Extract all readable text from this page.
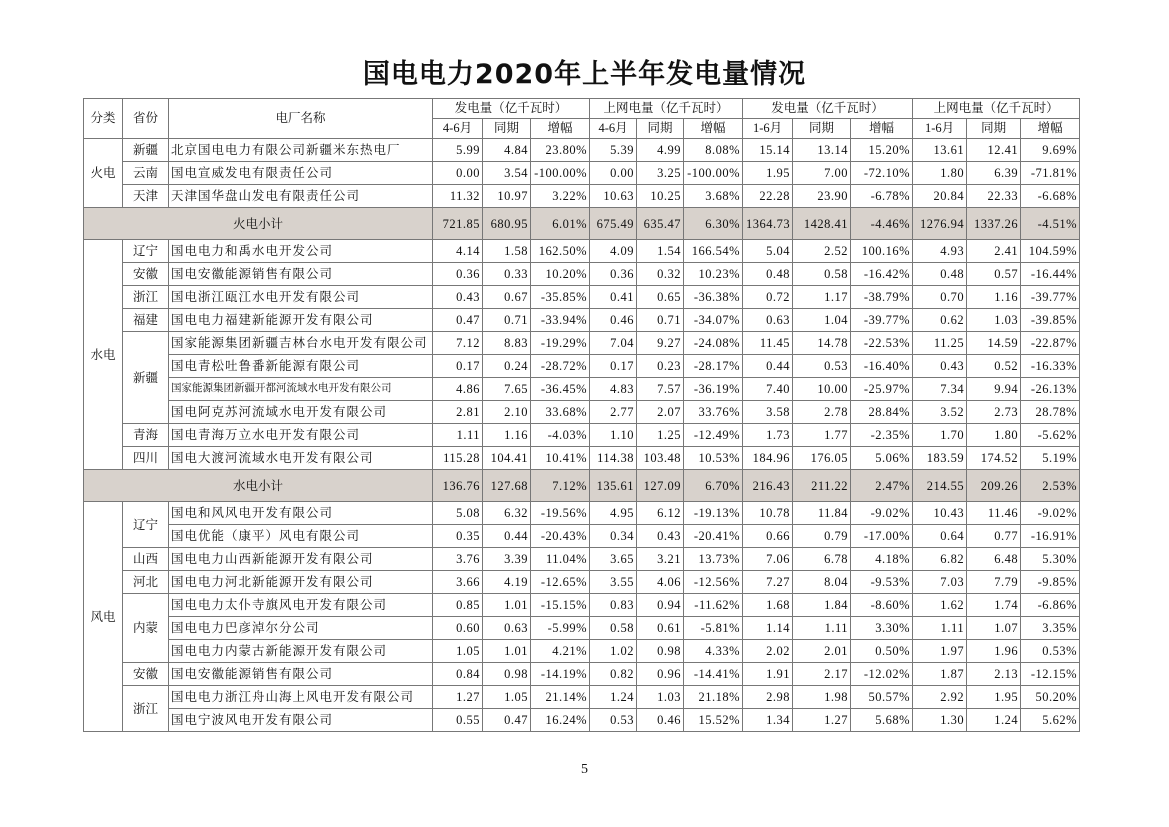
国电电力2020年上半年发电量情况
分类	省份	电厂名称	发电量（亿千瓦时）			上网电量（亿千瓦时）			发电量（亿千瓦时）			上网电量（亿千瓦时）		
			4-6月	同期	增幅	4-6月	同期	增幅	1-6月	同期	增幅	1-6月	同期	增幅
火电	新疆	北京国电电力有限公司新疆米东热电厂	5.99	4.84	23.80%	5.39	4.99	8.08%	15.14	13.14	15.20%	13.61	12.41	9.69%
	云南	国电宣威发电有限责任公司	0.00	3.54	-100.00%	0.00	3.25	-100.00%	1.95	7.00	-72.10%	1.80	6.39	-71.81%
	天津	天津国华盘山发电有限责任公司	11.32	10.97	3.22%	10.63	10.25	3.68%	22.28	23.90	-6.78%	20.84	22.33	-6.68%
火电小计			721.85	680.95	6.01%	675.49	635.47	6.30%	1364.73	1428.41	-4.46%	1276.94	1337.26	-4.51%
水电	辽宁	国电电力和禹水电开发公司	4.14	1.58	162.50%	4.09	1.54	166.54%	5.04	2.52	100.16%	4.93	2.41	104.59%
	安徽	国电安徽能源销售有限公司	0.36	0.33	10.20%	0.36	0.32	10.23%	0.48	0.58	-16.42%	0.48	0.57	-16.44%
	浙江	国电浙江瓯江水电开发有限公司	0.43	0.67	-35.85%	0.41	0.65	-36.38%	0.72	1.17	-38.79%	0.70	1.16	-39.77%
	福建	国电电力福建新能源开发有限公司	0.47	0.71	-33.94%	0.46	0.71	-34.07%	0.63	1.04	-39.77%	0.62	1.03	-39.85%
	新疆	国家能源集团新疆吉林台水电开发有限公司	7.12	8.83	-19.29%	7.04	9.27	-24.08%	11.45	14.78	-22.53%	11.25	14.59	-22.87%
		国电青松吐鲁番新能源有限公司	0.17	0.24	-28.72%	0.17	0.23	-28.17%	0.44	0.53	-16.40%	0.43	0.52	-16.33%
		国家能源集团新疆开都河流域水电开发有限公司	4.86	7.65	-36.45%	4.83	7.57	-36.19%	7.40	10.00	-25.97%	7.34	9.94	-26.13%
		国电阿克苏河流域水电开发有限公司	2.81	2.10	33.68%	2.77	2.07	33.76%	3.58	2.78	28.84%	3.52	2.73	28.78%
	青海	国电青海万立水电开发有限公司	1.11	1.16	-4.03%	1.10	1.25	-12.49%	1.73	1.77	-2.35%	1.70	1.80	-5.62%
	四川	国电大渡河流域水电开发有限公司	115.28	104.41	10.41%	114.38	103.48	10.53%	184.96	176.05	5.06%	183.59	174.52	5.19%
水电小计			136.76	127.68	7.12%	135.61	127.09	6.70%	216.43	211.22	2.47%	214.55	209.26	2.53%
风电	辽宁	国电和风风电开发有限公司	5.08	6.32	-19.56%	4.95	6.12	-19.13%	10.78	11.84	-9.02%	10.43	11.46	-9.02%
		国电优能（康平）风电有限公司	0.35	0.44	-20.43%	0.34	0.43	-20.41%	0.66	0.79	-17.00%	0.64	0.77	-16.91%
	山西	国电电力山西新能源开发有限公司	3.76	3.39	11.04%	3.65	3.21	13.73%	7.06	6.78	4.18%	6.82	6.48	5.30%
	河北	国电电力河北新能源开发有限公司	3.66	4.19	-12.65%	3.55	4.06	-12.56%	7.27	8.04	-9.53%	7.03	7.79	-9.85%
	内蒙	国电电力太仆寺旗风电开发有限公司	0.85	1.01	-15.15%	0.83	0.94	-11.62%	1.68	1.84	-8.60%	1.62	1.74	-6.86%
		国电电力巴彦淖尔分公司	0.60	0.63	-5.99%	0.58	0.61	-5.81%	1.14	1.11	3.30%	1.11	1.07	3.35%
		国电电力内蒙古新能源开发有限公司	1.05	1.01	4.21%	1.02	0.98	4.33%	2.02	2.01	0.50%	1.97	1.96	0.53%
	安徽	国电安徽能源销售有限公司	0.84	0.98	-14.19%	0.82	0.96	-14.41%	1.91	2.17	-12.02%	1.87	2.13	-12.15%
	浙江	国电电力浙江舟山海上风电开发有限公司	1.27	1.05	21.14%	1.24	1.03	21.18%	2.98	1.98	50.57%	2.92	1.95	50.20%
		国电宁波风电开发有限公司	0.55	0.47	16.24%	0.53	0.46	15.52%	1.34	1.27	5.68%	1.30	1.24	5.62%
5
